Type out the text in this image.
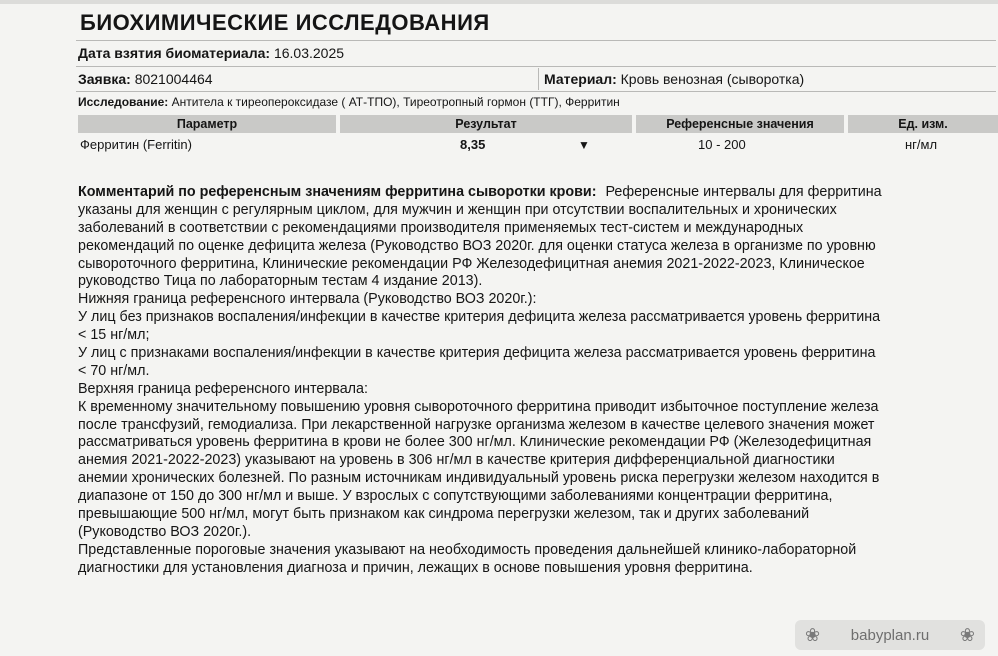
БИОХИМИЧЕСКИЕ ИССЛЕДОВАНИЯ
Дата взятия биоматериала: 16.03.2025
Заявка: 8021004464	Материал: Кровь венозная (сыворотка)
Исследование: Антитела к тиреопероксидазе ( АТ-ТПО), Тиреотропный гормон (ТТГ), Ферритин
Параметр	Результат	Референсные значения	Ед. изм.
Ферритин (Ferritin)	8,35	▼	10 - 200	нг/мл
Комментарий по референсным значениям ферритина сыворотки крови: Референсные интервалы для ферритина
указаны для женщин с регулярным циклом, для мужчин и женщин при отсутствии воспалительных и хронических
заболеваний в соответствии с рекомендациями производителя применяемых тест-систем и международных
рекомендаций по оценке дефицита железа (Руководство ВОЗ 2020г. для оценки статуса железа в организме по уровню
сывороточного ферритина, Клинические рекомендации РФ Железодефицитная анемия 2021-2022-2023, Клиническое
руководство Тица по лабораторным тестам 4 издание 2013).
Нижняя граница референсного интервала (Руководство ВОЗ 2020г.):
У лиц без признаков воспаления/инфекции в качестве критерия дефицита железа рассматривается уровень ферритина
< 15 нг/мл;
У лиц с признаками воспаления/инфекции в качестве критерия дефицита железа рассматривается уровень ферритина
< 70 нг/мл.
Верхняя граница референсного интервала:
К временному значительному повышению уровня сывороточного ферритина приводит избыточное поступление железа
после трансфузий, гемодиализа. При лекарственной нагрузке организма железом в качестве целевого значения может
рассматриваться уровень ферритина в крови не более 300 нг/мл. Клинические рекомендации РФ (Железодефицитная
анемия 2021-2022-2023) указывают на уровень в 306 нг/мл в качестве критерия дифференциальной диагностики
анемии хронических болезней. По разным источникам индивидуальный уровень риска перегрузки железом находится в
диапазоне от 150 до 300 нг/мл и выше. У взрослых с сопутствующими заболеваниями концентрации ферритина,
превышающие 500 нг/мл, могут быть признаком как синдрома перегрузки железом, так и других заболеваний
(Руководство ВОЗ 2020г.).
Представленные пороговые значения указывают на необходимость проведения дальнейшей клинико-лабораторной
диагностики для установления диагноза и причин, лежащих в основе повышения уровня ферритина.
❀ babyplan.ru ❀
